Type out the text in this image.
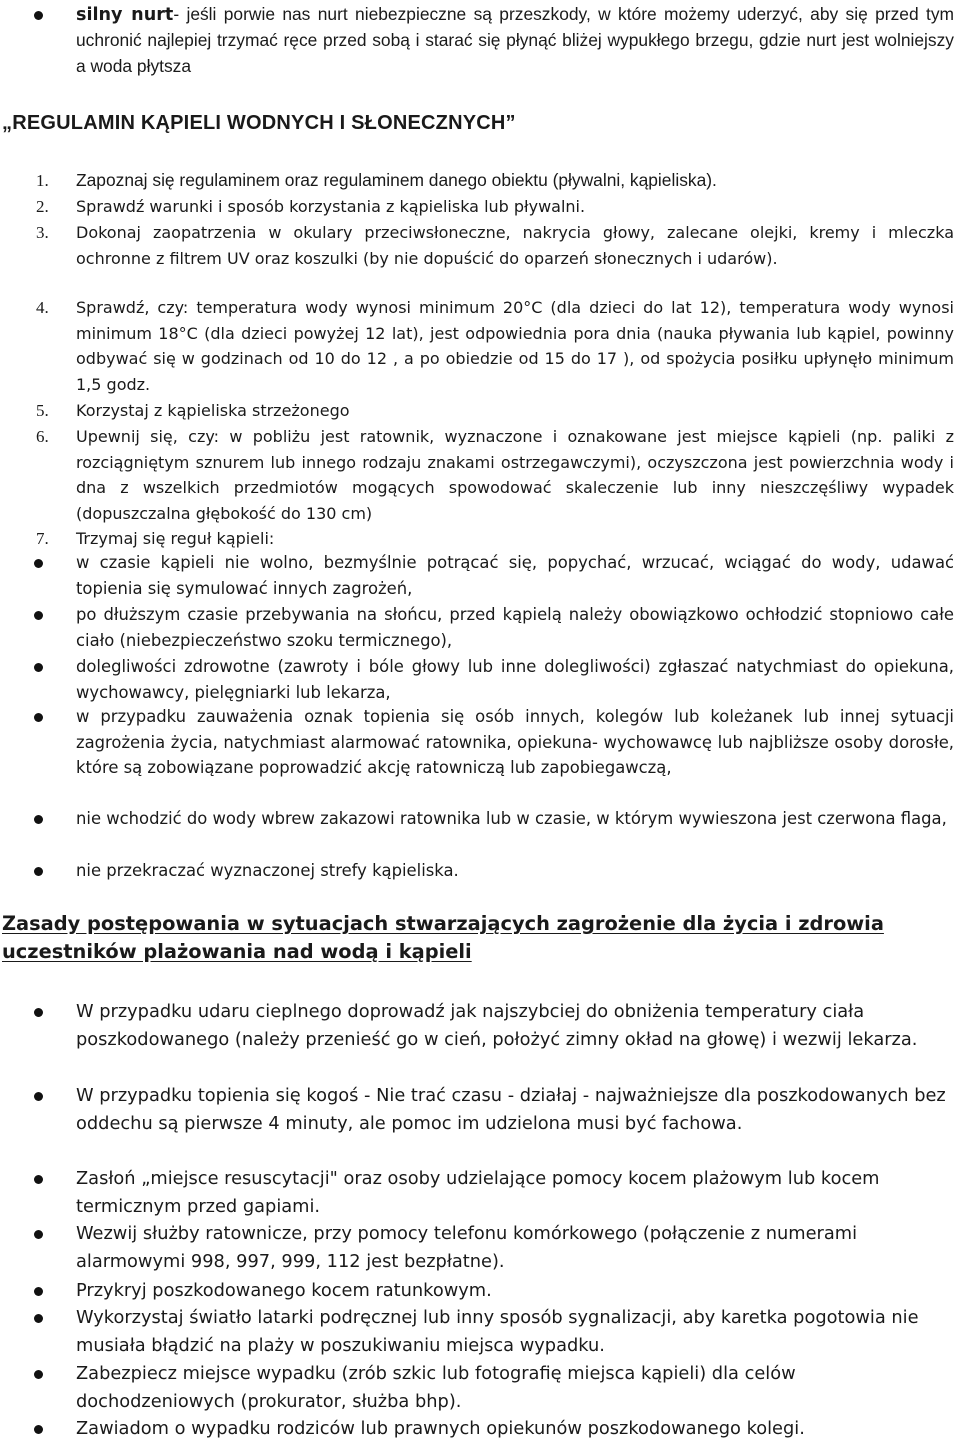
silny nurt- jeśli porwie nas nurt niebezpieczne są przeszkody, w które możemy uderzyć, aby się przed tym uchronić najlepiej trzymać ręce przed sobą i starać się płynąć bliżej wypukłego brzegu, gdzie nurt jest wolniejszy a woda płytsza
„REGULAMIN KĄPIELI WODNYCH I SŁONECZNYCH”
1.	Zapoznaj się regulaminem oraz regulaminem danego obiektu (pływalni, kąpieliska).
2.	Sprawdź warunki i sposób korzystania z kąpieliska lub pływalni.
3.	Dokonaj zaopatrzenia w okulary przeciwsłoneczne, nakrycia głowy, zalecane olejki, kremy i mleczka ochronne z filtrem UV oraz koszulki (by nie dopuścić do oparzeń słonecznych i udarów).
4.	Sprawdź, czy: temperatura wody wynosi minimum 20°C (dla dzieci do lat 12), temperatura wody wynosi minimum 18°C (dla dzieci powyżej 12 lat), jest odpowiednia pora dnia (nauka pływania lub kąpiel, powinny odbywać się w godzinach od 10 do 12 , a po obiedzie od 15 do 17 ), od spożycia posiłku upłynęło minimum 1,5 godz.
5.	Korzystaj z kąpieliska strzeżonego
6.	Upewnij się, czy: w pobliżu jest ratownik, wyznaczone i oznakowane jest miejsce kąpieli (np. paliki z rozciągniętym sznurem lub innego rodzaju znakami ostrzegawczymi), oczyszczona jest powierzchnia wody i dna z wszelkich przedmiotów mogących spowodować skaleczenie lub inny nieszczęśliwy wypadek (dopuszczalna głębokość do 130 cm)
7.	Trzymaj się reguł kąpieli:
w czasie kąpieli nie wolno, bezmyślnie potrącać się, popychać, wrzucać, wciągać do wody, udawać topienia się symulować innych zagrożeń,
po dłuższym czasie przebywania na słońcu, przed kąpielą należy obowiązkowo ochłodzić stopniowo całe ciało (niebezpieczeństwo szoku termicznego),
dolegliwości zdrowotne (zawroty i bóle głowy lub inne dolegliwości) zgłaszać natychmiast do opiekuna, wychowawcy, pielęgniarki lub lekarza,
w przypadku zauważenia oznak topienia się osób innych, kolegów lub koleżanek lub innej sytuacji zagrożenia życia, natychmiast alarmować ratownika, opiekuna- wychowawcę lub najbliższe osoby dorosłe, które są zobowiązane poprowadzić akcję ratowniczą lub zapobiegawczą,
nie wchodzić do wody wbrew zakazowi ratownika lub w czasie, w którym wywieszona jest czerwona flaga,
nie przekraczać wyznaczonej strefy kąpieliska.
Zasady postępowania w sytuacjach stwarzających zagrożenie dla życia i zdrowia uczestników plażowania nad wodą i kąpieli
W przypadku udaru cieplnego doprowadź jak najszybciej do obniżenia temperatury ciała poszkodowanego (należy przenieść go w cień, położyć zimny okład na głowę) i wezwij lekarza.
W przypadku topienia się kogoś - Nie trać czasu - działaj - najważniejsze dla poszkodowanych bez oddechu są pierwsze 4 minuty, ale pomoc im udzielona musi być fachowa.
Zasłoń „miejsce resuscytacji" oraz osoby udzielające pomocy kocem plażowym lub kocem termicznym przed gapiami.
Wezwij służby ratownicze, przy pomocy telefonu komórkowego (połączenie z numerami alarmowymi 998, 997, 999, 112 jest bezpłatne).
Przykryj poszkodowanego kocem ratunkowym.
Wykorzystaj światło latarki podręcznej lub inny sposób sygnalizacji, aby karetka pogotowia nie musiała błądzić na plaży w poszukiwaniu miejsca wypadku.
Zabezpiecz miejsce wypadku (zrób szkic lub fotografię miejsca kąpieli) dla celów dochodzeniowych (prokurator, służba bhp).
Zawiadom o wypadku rodziców lub prawnych opiekunów poszkodowanego kolegi.
